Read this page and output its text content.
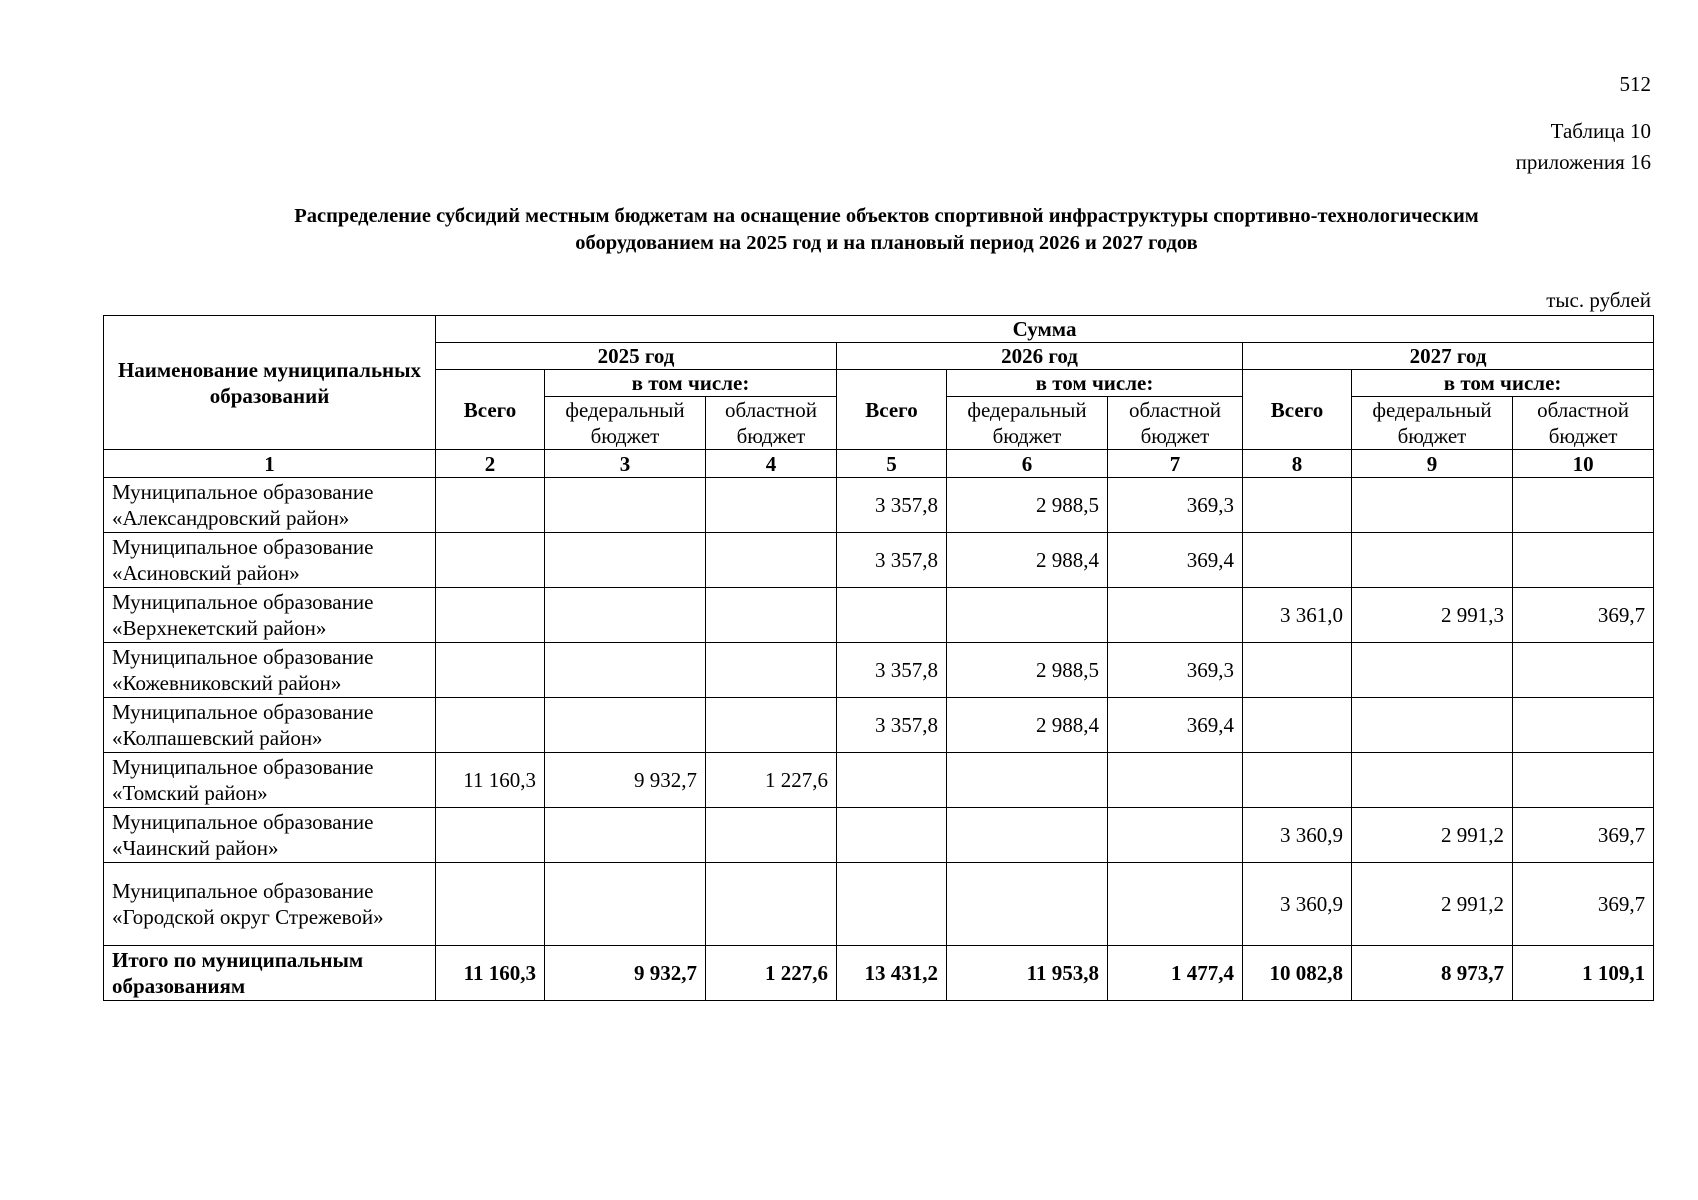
512
Таблица 10
приложения 16
Распределение субсидий местным бюджетам на оснащение объектов спортивной инфраструктуры спортивно-технологическим
оборудованием на 2025 год и на плановый период 2026 и 2027 годов
тыс. рублей
Наименование муниципальных образований	Сумма								
	2025 год			2026 год			2027 год		
	Всего	в том числе:		Всего	в том числе:		Всего	в том числе:	
		федеральный бюджет	областной бюджет		федеральный бюджет	областной бюджет		федеральный бюджет	областной бюджет
1	2	3	4	5	6	7	8	9	10
Муниципальное образование «Александровский район»				3 357,8	2 988,5	369,3			
Муниципальное образование «Асиновский район»				3 357,8	2 988,4	369,4			
Муниципальное образование «Верхнекетский район»							3 361,0	2 991,3	369,7
Муниципальное образование «Кожевниковский район»				3 357,8	2 988,5	369,3			
Муниципальное образование «Колпашевский район»				3 357,8	2 988,4	369,4			
Муниципальное образование «Томский район»	11 160,3	9 932,7	1 227,6						
Муниципальное образование «Чаинский район»							3 360,9	2 991,2	369,7
Муниципальное образование «Городской округ Стрежевой»							3 360,9	2 991,2	369,7
Итого по муниципальным образованиям	11 160,3	9 932,7	1 227,6	13 431,2	11 953,8	1 477,4	10 082,8	8 973,7	1 109,1
